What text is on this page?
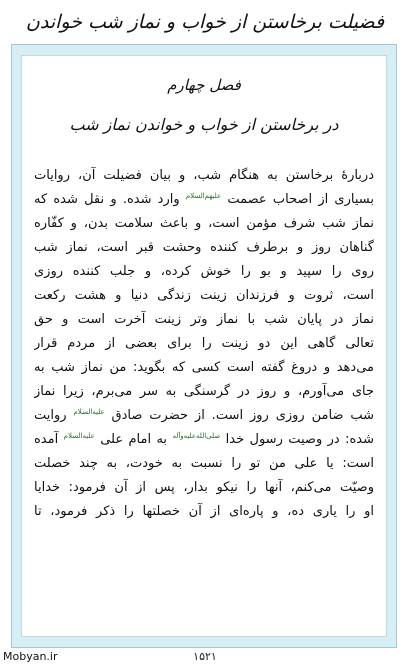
فضیلت برخاستن از خواب و نماز شب خواندن
فصل چهارم
در برخاستن از خواب و خواندن نماز شب
دربارهٔ برخاستن به هنگام شب، و بیان فضیلت آن، روایات
بسیاری از اصحاب عصمت علیهم‌السلام وارد شده. و نقل شده که
نماز شب شرف مؤمن است، و باعث سلامت بدن، و کفّاره
گناهان روز و برطرف کننده وحشت قبر است، نماز شب
روی را سپید و بو را خوش کرده، و جلب کننده روزی
است، ثروت و فرزندان زینت زندگی دنیا و هشت رکعت
نماز در پایان شب با نماز وتر زینت آخرت است و حق
تعالی گاهی این دو زینت را برای بعضی از مردم قرار
می‌دهد و دروغ گفته است کسی که بگوید: من نماز شب به
جای می‌آورم، و روز در گرسنگی به سر می‌برم، زیرا نماز
شب ضامن روزی روز است. از حضرت صادق علیه‌السلام روایت
شده: در وصیت رسول خدا صلی‌الله‌علیه‌وآله به امام علی علیه‌السلام آمده
است: یا علی من تو را نسبت به خودت، به چند خصلت
وصیّت می‌کنم، آنها را نیکو بدار، پس از آن فرمود: خدایا
او را یاری ده، و پاره‌ای از آن خصلتها را ذکر فرمود، تا
Mobyan.ir	۱۵۲۱
